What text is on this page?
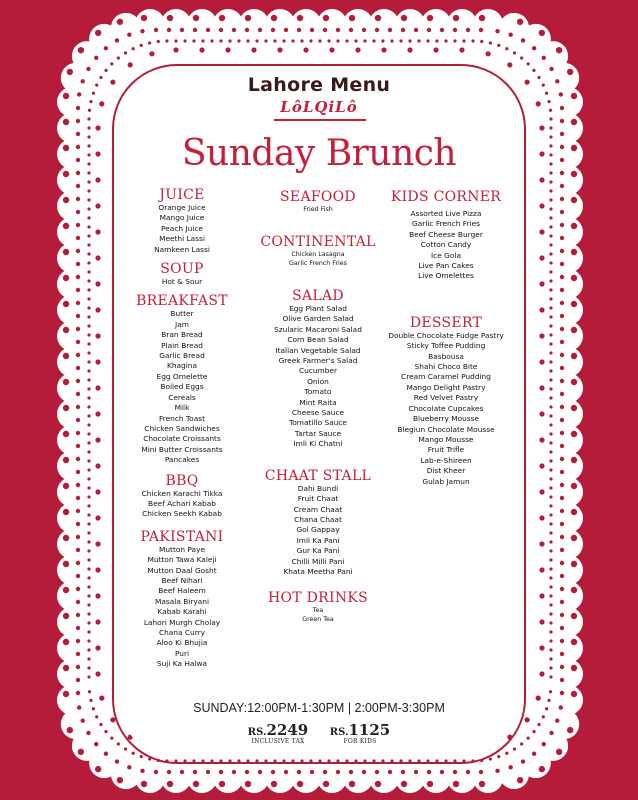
Lahore Menu
LôLQiLô
Sunday Brunch
JUICE
Orange Juice
Mango Juice
Peach Juice
Meethi Lassi
Namkeen Lassi
SOUP
Hot & Sour
BREAKFAST
Butter
Jam
Bran Bread
Plain Bread
Garlic Bread
Khagina
Egg Omelette
Boiled Eggs
Cereals
Milk
French Toast
Chicken Sandwiches
Chocolate Croissants
Mini Butter Croissants
Pancakes
BBQ
Chicken Karachi Tikka
Beef Achari Kabab
Chicken Seekh Kabab
PAKISTANI
Mutton Paye
Mutton Tawa Kaleji
Mutton Daal Gosht
Beef Nihari
Beef Haleem
Masala Biryani
Kabab Karahi
Lahori Murgh Cholay
Chana Curry
Aloo Ki Bhujia
Puri
Suji Ka Halwa
SEAFOOD
Fried Fish
CONTINENTAL
Chicken Lasagna
Garlic French Fries
SALAD
Egg Plant Salad
Olive Garden Salad
Szularic Macaroni Salad
Corn Bean Salad
Italian Vegetable Salad
Greek Farmer's Salad
Cucumber
Onion
Tomato
Mint Raita
Cheese Sauce
Tomatillo Sauce
Tartar Sauce
Imli Ki Chatni
CHAAT STALL
Dahi Bundi
Fruit Chaat
Cream Chaat
Chana Chaat
Gol Gappay
Imli Ka Pani
Gur Ka Pani
Chilli Milli Pani
Khata Meetha Pani
HOT DRINKS
Tea
Green Tea
KIDS CORNER
Assorted Live Pizza
Garlic French Fries
Beef Cheese Burger
Cotton Candy
Ice Gola
Live Pan Cakes
Live Omelettes
DESSERT
Double Chocolate Fudge Pastry
Sticky Toffee Pudding
Basbousa
Shahi Choco Bite
Cream Caramel Pudding
Mango Delight Pastry
Red Velvet Pastry
Chocolate Cupcakes
Blueberry Mousse
Blegiun Chocolate Mousse
Mango Mousse
Fruit Trifle
Lab-e-Shireen
Dist Kheer
Gulab Jamun
SUNDAY:12:00PM-1:30PM | 2:00PM-3:30PM
RS.2249
INCLUSIVE TAX
RS.1125
FOR KIDS
